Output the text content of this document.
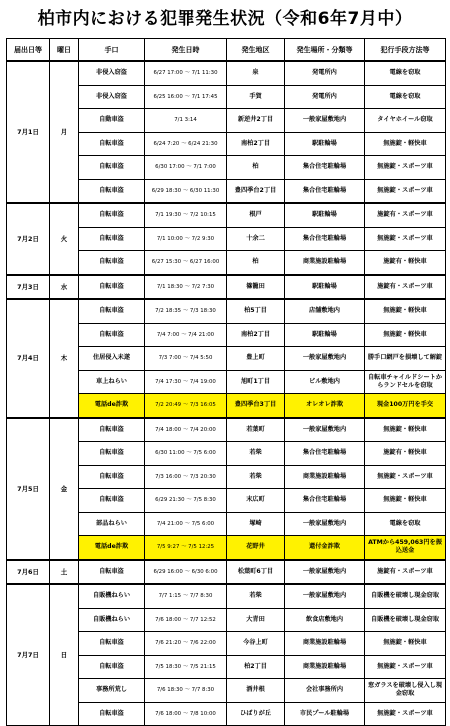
柏市内における犯罪発生状況（令和6年7月中）
届出日等	曜日	手口	発生日時	発生地区	発生場所・分類等	犯行手段方法等
7月1日	月	非侵入窃盗	6/27 17:00 ～ 7/1 11:30	泉	発電所内	電線を窃取
		非侵入窃盗	6/25 16:00 ～ 7/1 17:45	手賀	発電所内	電線を窃取
		自動車盗	7/1 3:14	新逆井2丁目	一般家屋敷地内	タイヤホイール窃取
		自転車盗	6/24 7:20 ～ 6/24 21:30	南柏2丁目	駅駐輪場	無施錠・軽快車
		自転車盗	6/30 17:00 ～ 7/1 7:00	柏	集合住宅駐輪場	無施錠・スポーツ車
		自転車盗	6/29 18:30 ～ 6/30 11:30	豊四季台2丁目	集合住宅駐輪場	無施錠・スポーツ車
7月2日	火	自転車盗	7/1 19:30 ～ 7/2 10:15	根戸	駅駐輪場	施錠有・スポーツ車
		自転車盗	7/1 10:00 ～ 7/2 9:30	十余二	集合住宅駐輪場	無施錠・スポーツ車
		自転車盗	6/27 15:30 ～ 6/27 16:00	柏	商業施設駐輪場	施錠有・軽快車
7月3日	水	自転車盗	7/1 18:30 ～ 7/2 7:30	篠籠田	駅駐輪場	施錠有・スポーツ車
7月4日	木	自転車盗	7/2 18:35 ～ 7/3 18:30	柏5丁目	店舗敷地内	無施錠・軽快車
		自転車盗	7/4 7:00 ～ 7/4 21:00	南柏2丁目	駅駐輪場	無施錠・軽快車
		住居侵入未遂	7/3 7:00 ～ 7/4 5:50	豊上町	一般家屋敷地内	勝手口網戸を損壊して解錠
		車上ねらい	7/4 17:30 ～ 7/4 19:00	旭町1丁目	ビル敷地内	自転車チャイルドシートからランドセルを窃取
		電話de詐欺	7/2 20:49 ～ 7/3 16:05	豊四季台3丁目	オレオレ詐欺	現金100万円を手交
7月5日	金	自転車盗	7/4 18:00 ～ 7/4 20:00	若葉町	一般家屋敷地内	無施錠・軽快車
		自転車盗	6/30 11:00 ～ 7/5 6:00	若柴	集合住宅駐輪場	施錠有・軽快車
		自転車盗	7/3 16:00 ～ 7/3 20:30	若柴	商業施設駐輪場	無施錠・スポーツ車
		自転車盗	6/29 21:30 ～ 7/5 8:30	末広町	集合住宅駐輪場	無施錠・軽快車
		部品ねらい	7/4 21:00 ～ 7/5 6:00	塚崎	一般家屋敷地内	電線を窃取
		電話de詐欺	7/5 9:27 ～ 7/5 12:25	花野井	還付金詐欺	ATMから459,063円を振込送金
7月6日	土	自転車盗	6/29 16:00 ～ 6/30 6:00	松葉町6丁目	一般家屋敷地内	施錠有・スポーツ車
7月7日	日	自販機ねらい	7/7 1:15 ～ 7/7 8:30	若柴	一般家屋敷地内	自販機を破壊し現金窃取
		自販機ねらい	7/6 18:00 ～ 7/7 12:52	大青田	飲食店敷地内	自販機を破壊し現金窃取
		自転車盗	7/6 21:20 ～ 7/6 22:00	今谷上町	商業施設駐輪場	無施錠・軽快車
		自転車盗	7/5 18:30 ～ 7/5 21:15	柏2丁目	商業施設駐輪場	無施錠・スポーツ車
		事務所荒し	7/6 18:30 ～ 7/7 8:30	酒井根	会社事務所内	窓ガラスを破壊し侵入し現金窃取
		自転車盗	7/6 18:00 ～ 7/8 10:00	ひばりが丘	市民プール駐輪場	無施錠・スポーツ車
